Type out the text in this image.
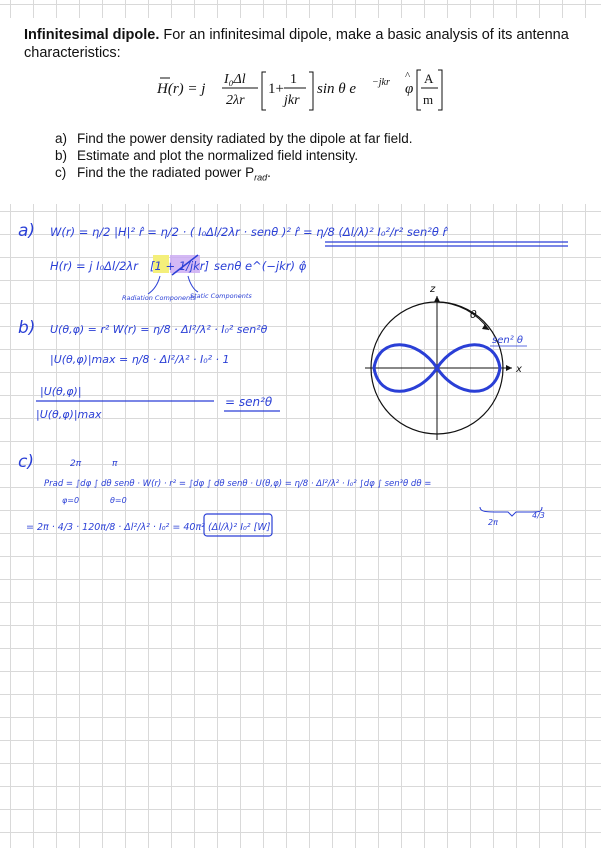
Infinitesimal dipole. For an infinitesimal dipole, make a basic analysis of its antenna characteristics:
H(r) = j
I₀Δl
2λr
1+
1
jkr
sin θ e −jkr φ
^ A
m
a) Find the power density radiated by the dipole at far field.
b) Estimate and plot the normalized field intensity.
c) Find the the radiated power $P_{rad}$.
a) W(r) = η/2 |H|² r̂ = η/2 · ( I₀Δl/2λr · senθ )² r̂ = η/8 (Δl/λ)² I₀²/r² sen²θ r̂
H(r) = j I₀Δl/2λr [1 + 1/jkr] senθ e^(−jkr) φ̂
Radiation Components
Static Components
b) U(θ,φ) = r² W(r) = η/8 · Δl²/λ² · I₀² sen²θ
|U(θ,φ)|max = η/8 · Δl²/λ² · I₀² · 1
|U(θ,φ)|
|U(θ,φ)|max
= sen²θ
z
x
θ
sen² θ
c)	2π	π
Prad = ∫dφ ∫ dθ senθ · W(r) · r² = ∫dφ ∫ dθ senθ · U(θ,φ) = η/8 · Δl²/λ² · I₀² ∫dφ ∫ sen³θ dθ =
φ=0	θ=0
2π
4/3
= 2π · 4/3 · 120π/8 · Δl²/λ² · I₀² = 40π² (Δl/λ)² I₀² [W]
